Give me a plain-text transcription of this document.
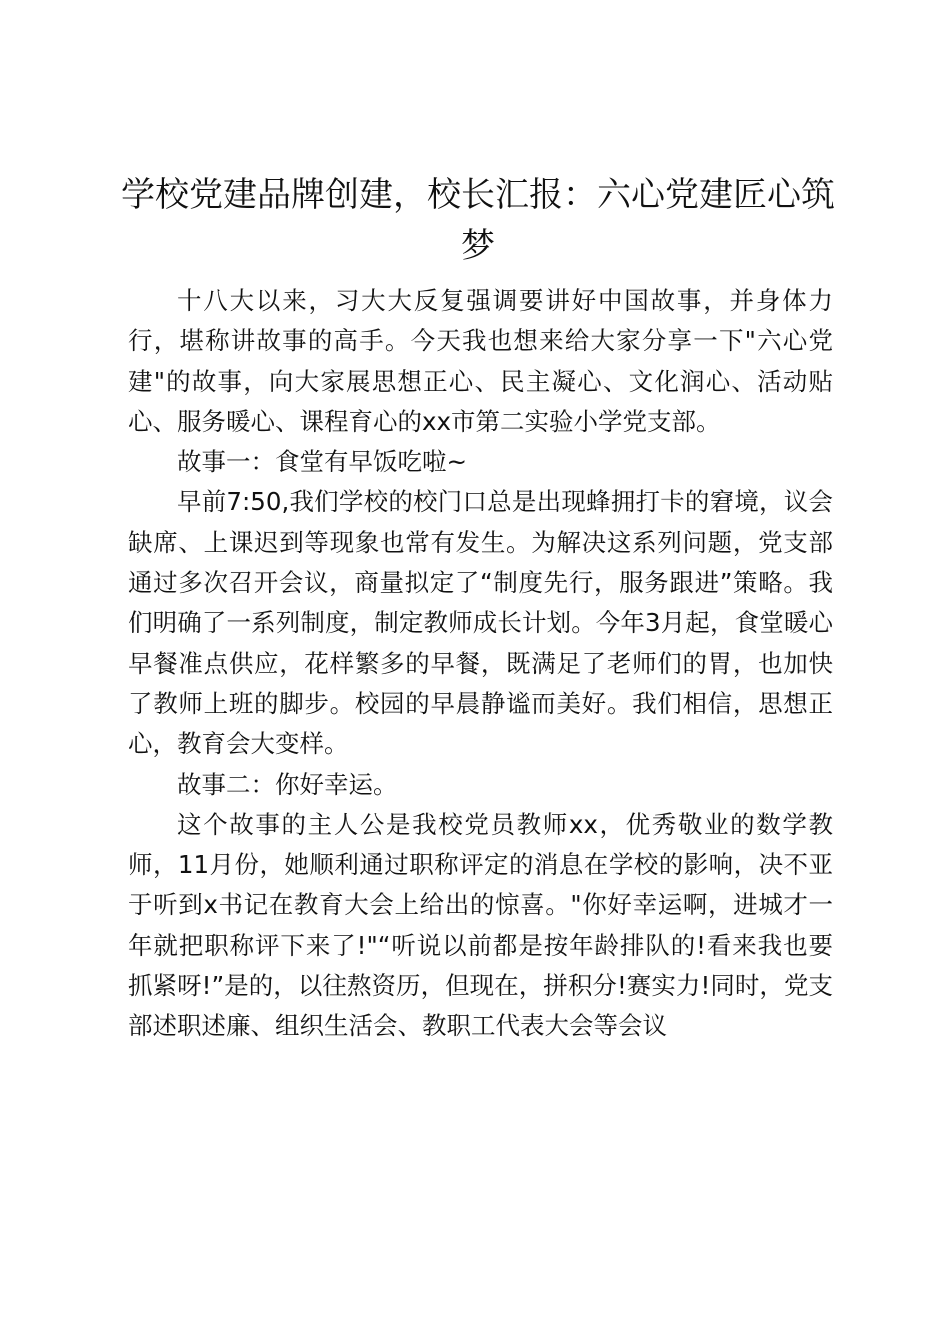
学校党建品牌创建，校长汇报：六心党建匠心筑梦

十八大以来，习大大反复强调要讲好中国故事，并身体力行，堪称讲故事的高手。今天我也想来给大家分享一下"六心党建"的故事，向大家展思想正心、民主凝心、文化润心、活动贴心、服务暖心、课程育心的xx市第二实验小学党支部。

故事一：食堂有早饭吃啦~

早前7:50,我们学校的校门口总是出现蜂拥打卡的窘境，议会缺席、上课迟到等现象也常有发生。为解决这系列问题，党支部通过多次召开会议，商量拟定了“制度先行，服务跟进”策略。我们明确了一系列制度，制定教师成长计划。今年3月起，食堂暖心早餐准点供应，花样繁多的早餐，既满足了老师们的胃，也加快了教师上班的脚步。校园的早晨静谧而美好。我们相信，思想正心，教育会大变样。

故事二：你好幸运。

这个故事的主人公是我校党员教师xx，优秀敬业的数学教师，11月份，她顺利通过职称评定的消息在学校的影响，决不亚于听到x书记在教育大会上给出的惊喜。"你好幸运啊，进城才一年就把职称评下来了!"“听说以前都是按年龄排队的!看来我也要抓紧呀!”是的，以往熬资历，但现在，拼积分!赛实力!同时，党支部述职述廉、组织生活会、教职工代表大会等会议
